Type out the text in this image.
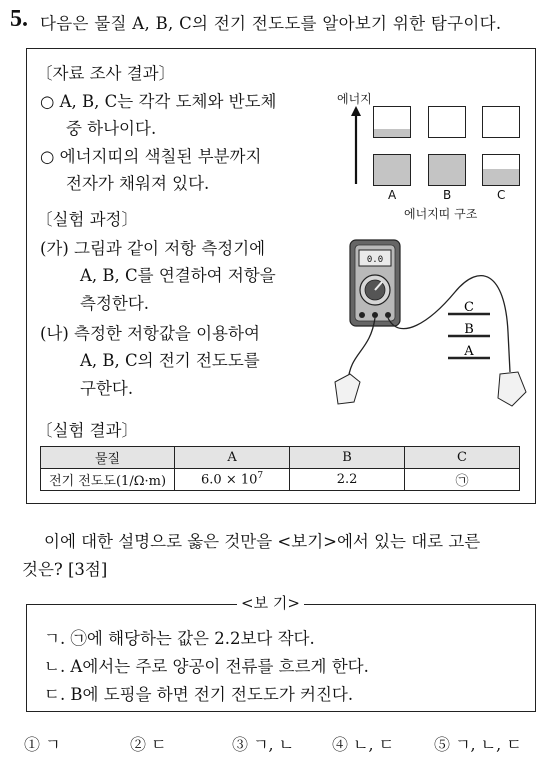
5. 다음은 물질 A, B, C의 전기 전도도를 알아보기 위한 탐구이다.
〔자료 조사 결과〕
○ A, B, C는 각각 도체와 반도체
중 하나이다.
○ 에너지띠의 색칠된 부분까지
전자가 채워져 있다.
에너지
A	B	C
에너지띠 구조
〔실험 과정〕
(가) 그림과 같이 저항 측정기에
A, B, C를 연결하여 저항을
측정한다.
(나) 측정한 저항값을 이용하여
A, B, C의 전기 전도도를
구한다.
0.0
C
B
A
〔실험 결과〕
물질	A	B	C
전기 전도도(1/Ω·m)	$6.0 \times 10^7$	2.2	㉠
이에 대한 설명으로 옳은 것만을 <보기>에서 있는 대로 고른
것은? [3점]
<보 기>
ㄱ. ㉠에 해당하는 값은 2.2보다 작다.
ㄴ. A에서는 주로 양공이 전류를 흐르게 한다.
ㄷ. B에 도핑을 하면 전기 전도도가 커진다.
① ㄱ	② ㄷ	③ ㄱ, ㄴ ④ ㄴ, ㄷ ⑤ ㄱ, ㄴ, ㄷ
